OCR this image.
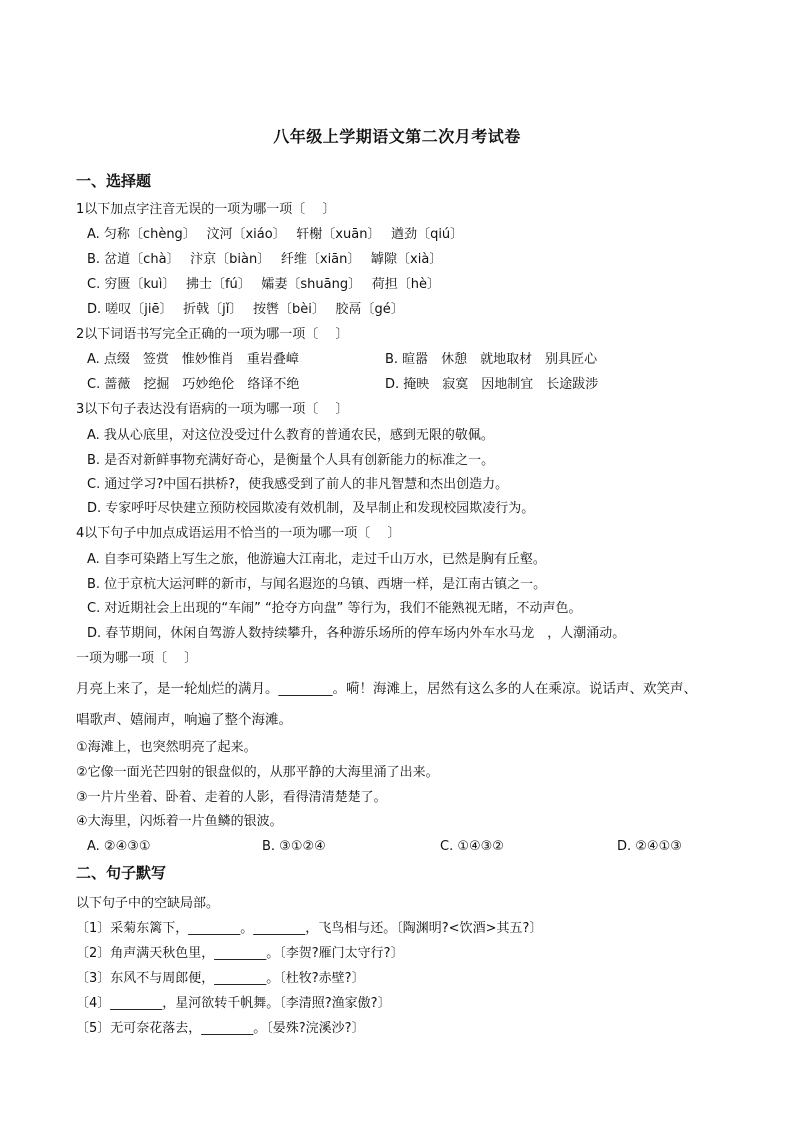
八年级上学期语文第二次月考试卷
一、选择题
1以下加点字注音无误的一项为哪一项〔　 〕
A. 匀称〔chèng〕　 汶河〔xiáo〕　 轩榭〔xuān〕　 遒劲〔qiú〕
B. 岔道〔chà〕　 汴京〔biàn〕　 纤维〔xiān〕　 罅隙〔xià〕
C. 穷匮〔kuì〕　 拂士〔fú〕　 孀妻〔shuāng〕　 荷担〔hè〕
D. 嗟叹〔jiē〕　 折戟〔jǐ〕　 按辔〔bèi〕　 胶鬲〔gé〕
2以下词语书写完全正确的一项为哪一项〔　 〕
A. 点缀　签赏　惟妙惟肖　重岩叠嶂	B. 暄嚣　休憩　就地取材　别具匠心
C. 蔷薇　挖掘　巧妙绝伦　络译不绝	D. 掩映　寂寞　因地制宜　长途跋涉
3以下句子表达没有语病的一项为哪一项〔　 〕
A. 我从心底里，对这位没受过什么教育的普通农民，感到无限的敬佩。
B. 是否对新鲜事物充满好奇心，是衡量个人具有创新能力的标准之一。
C. 通过学习?中国石拱桥?，使我感受到了前人的非凡智慧和杰出创造力。
D. 专家呼吁尽快建立预防校园欺凌有效机制，及早制止和发现校园欺凌行为。
4以下句子中加点成语运用不恰当的一项为哪一项〔　 〕
A. 自李可染踏上写生之旅，他游遍大江南北，走过千山万水，已然是胸有丘壑。
B. 位于京杭大运河畔的新市，与闻名遐迩的乌镇、西塘一样，是江南古镇之一。
C. 对近期社会上出现的“车闹” “抢夺方向盘” 等行为，我们不能熟视无睹，不动声色。
D. 春节期间，休闲自驾游人数持续攀升，各种游乐场所的停车场内外车水马龙　，人潮涌动。
一项为哪一项〔　 〕
月亮上来了，是一轮灿烂的满月。________。嗬！海滩上，居然有这么多的人在乘凉。说话声、欢笑声、
唱歌声、嬉闹声，响遍了整个海滩。
①海滩上，也突然明亮了起来。
②它像一面光芒四射的银盘似的，从那平静的大海里涌了出来。
③一片片坐着、卧着、走着的人影，看得清清楚楚了。
④大海里，闪烁着一片鱼鳞的银波。
A. ②④③①	B. ③①②④	C. ①④③②	D. ②④①③
二、句子默写
以下句子中的空缺局部。
〔1〕采菊东篱下，________。________，飞鸟相与还。〔陶渊明?<饮酒>其五?〕
〔2〕角声满天秋色里，________。〔李贺?雁门太守行?〕
〔3〕东风不与周郎便，________。〔杜牧?赤壁?〕
〔4〕________，星河欲转千帆舞。〔李清照?渔家傲?〕
〔5〕无可奈花落去，________。〔晏殊?浣溪沙?〕
